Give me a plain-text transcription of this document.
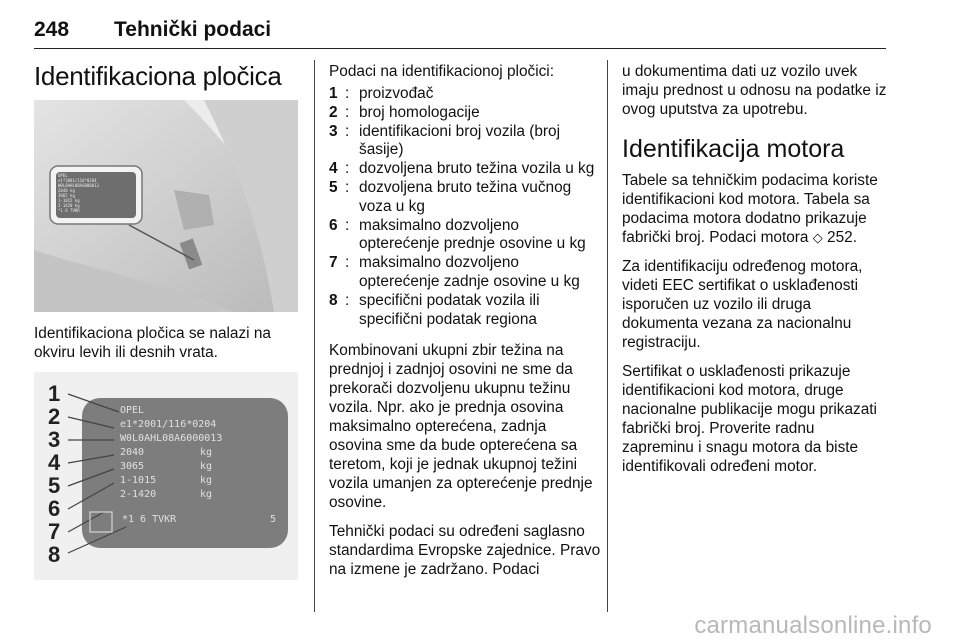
248 Tehnički podaci
Identifikaciona pločica
OPEL
e1*2001/116*0204
W0L0AHL08A6000013
2040 kg
3065 kg
1-1015 kg
2-1420 kg
*1 6 TVKR

Identifikaciona pločica se nalazi na okviru levih ili desnih vrata.

1
2
3
4
5
6
7
8
OPEL
e1*2001/116*0204
W0L0AHL08A6000013
2040
3065
1-1015
2-1420
kg
kg
kg
kg
*1 6 TVKR	5

Podaci na identifikacionoj pločici:

1 : proizvođač
2 : broj homologacije
3 : identifikacioni broj vozila (broj šasije)
4 : dozvoljena bruto težina vozila u kg
5 : dozvoljena bruto težina vučnog voza u kg
6 : maksimalno dozvoljeno opterećenje prednje osovine u kg
7 : maksimalno dozvoljeno opterećenje zadnje osovine u kg
8 : specifični podatak vozila ili specifični podatak regiona

Kombinovani ukupni zbir težina na prednjoj i zadnjoj osovini ne sme da prekorači dozvoljenu ukupnu težinu vozila. Npr. ako je prednja osovina maksimalno opterećena, zadnja osovina sme da bude opterećena sa teretom, koji je jednak ukupnoj težini vozila umanjen za opterećenje prednje osovine.

Tehnički podaci su određeni saglasno standardima Evropske zajednice. Pravo na izmene je zadržano. Podaci

u dokumentima dati uz vozilo uvek imaju prednost u odnosu na podatke iz ovog uputstva za upotrebu.

Identifikacija motora

Tabele sa tehničkim podacima koriste identifikacioni kod motora. Tabela sa podacima motora dodatno prikazuje fabrički broj. Podaci motora ◇ 252.

Za identifikaciju određenog motora, videti EEC sertifikat o usklađenosti isporučen uz vozilo ili druga dokumenta vezana za nacionalnu registraciju.

Sertifikat o usklađenosti prikazuje identifikacioni kod motora, druge nacionalne publikacije mogu prikazati fabrički broj. Proverite radnu zapreminu i snagu motora da biste identifikovali određeni motor.

carmanualsonline.info
